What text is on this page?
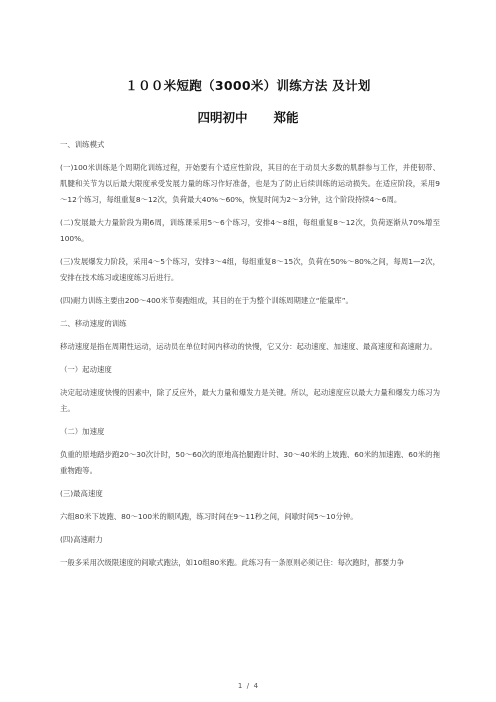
１００米短跑（3000米）训练方法 及计划
四明初中      郑能

一、训练模式

(一)100米训练是个周期化训练过程，开始要有个适应性阶段，其目的在于动员大多数的肌群参与工作，并使韧带、肌腱和关节为以后最大限度承受发展力量的练习作好准备，也是为了防止后续训练的运动损失。在适应阶段，采用9～12个练习，每组重复8～12次，负荷最大40%～60%，恢复时间为2～3分钟，这个阶段持续4～6周。

(二)发展最大力量阶段为期6周，训练课采用5～6个练习，安排4～8组，每组重复8～12次，负荷逐渐从70%增至100%。

(三)发展爆发力阶段，采用4～5个练习，安排3～4组，每组重复8～15次，负荷在50%～80%之间，每周1—2次，安排在技术练习或速度练习后进行。

(四)耐力训练主要由200～400米节奏跑组成，其目的在于为整个训练周期建立“能量库”。

二、移动速度的训练

移动速度是指在周期性运动，运动员在单位时间内移动的快慢，它又分：起动速度、加速度、最高速度和高速耐力。

（一）起动速度

决定起动速度快慢的因素中，除了反应外，最大力量和爆发力是关键。所以，起动速度应以最大力量和爆发力练习为主。

（二）加速度

负重的原地踏步跑20～30次计时，50～60次的原地高抬腿跑计时、30～40米的上坡跑、60米的加速跑、60米的拖重物跑等。

(三)最高速度

六组80米下坡跑、80～100米的顺风跑，练习时间在9～11秒之间，间歇时间5～10分钟。

(四)高速耐力

一般多采用次级限速度的间歇式跑法，如10组80米跑。此练习有一条原则必须记住：每次跑时，都要力争

1  /  4
